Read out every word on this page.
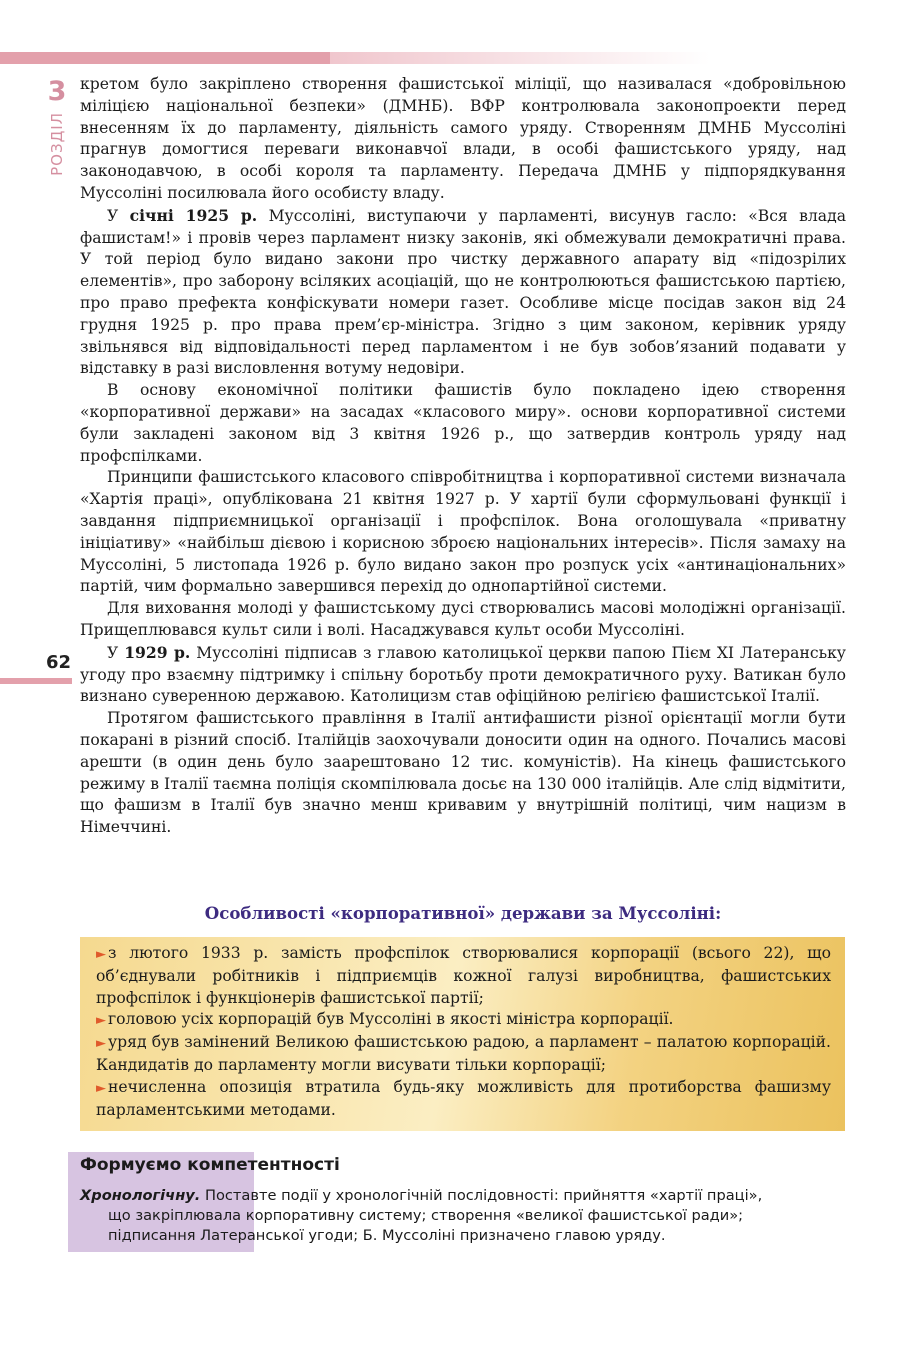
3
РОЗДІЛ
62

кретом було закріплено створення фашистської міліції, що називалася «добровільною міліцією національної безпеки» (ДМНБ). ВФР контролювала законопроекти перед внесенням їх до парламенту, діяльність самого уряду. Створенням ДМНБ Муссоліні прагнув домогтися переваги виконавчої влади, в особі фашистського уряду, над законодавчою, в особі короля та парламенту. Передача ДМНБ у підпорядкування Муссоліні посилювала його особисту владу.

У січні 1925 р. Муссоліні, виступаючи у парламенті, висунув гасло: «Вся влада фашистам!» і провів через парламент низку законів, які обмежували демократичні права. У той період було видано закони про чистку державного апарату від «підозрілих елементів», про заборону всіляких асоціацій, що не контролюються фашистською партією, про право префекта конфіскувати номери газет. Особливе місце посідав закон від 24 грудня 1925 р. про права прем’єр-міністра. Згідно з цим законом, керівник уряду звільнявся від відповідальності перед парламентом і не був зобов’язаний подавати у відставку в разі висловлення вотуму недовіри.

В основу економічної політики фашистів було покладено ідею створення «корпоративної держави» на засадах «класового миру». основи корпоративної системи були закладені законом від 3 квітня 1926 р., що затвердив контроль уряду над профспілками.

Принципи фашистського класового співробітництва і корпоративної системи визначала «Хартія праці», опублікована 21 квітня 1927 р. У хартії були сформульовані функції і завдання підприємницької організації і профспілок. Вона оголошувала «приватну ініціативу» «найбільш дієвою і корисною зброєю національних інтересів». Після замаху на Муссоліні, 5 листопада 1926 р. було видано закон про розпуск усіх «антинаціональних» партій, чим формально завершився перехід до однопартійної системи.

Для виховання молоді у фашистському дусі створювались масові молодіжні організації. Прищеплювався культ сили і волі. Насаджувався культ особи Муссоліні.

У 1929 р. Муссоліні підписав з главою католицької церкви папою Пієм XI Латеранську угоду про взаємну підтримку і спільну боротьбу проти демократичного руху. Ватикан було визнано суверенною державою. Католицизм став офіційною релігією фашистської Італії.

Протягом фашистського правління в Італії антифашисти різної орієнтації могли бути покарані в різний спосіб. Італійців заохочували доносити один на одного. Почались масові арешти (в один день було заарештовано 12 тис. комуністів). На кінець фашистського режиму в Італії таємна поліція скомпілювала досьє на 130 000 італійців. Але слід відмітити, що фашизм в Італії був значно менш кривавим у внутрішній політиці, чим нацизм в Німеччині.

Особливості «корпоративної» держави за Муссоліні:

► з лютого 1933 р. замість профспілок створювалися корпорації (всього 22), що об’єднували робітників і підприємців кожної галузі виробництва, фашистських профспілок і функціонерів фашистської партії;

► головою усіх корпорацій був Муссоліні в якості міністра корпорації.

► уряд був замінений Великою фашистською радою, а парламент – палатою корпорацій. Кандидатів до парламенту могли висувати тільки корпорації;

► нечисленна опозиція втратила будь-яку можливість для протиборства фашизму парламентськими методами.

Формуємо компетентності
Хронологічну. Поставте події у хронологічній послідовності: прийняття «хартії праці»,
що закріплювала корпоративну систему; створення «великої фашистської ради»;
підписання Латеранської угоди; Б. Муссоліні призначено главою уряду.
